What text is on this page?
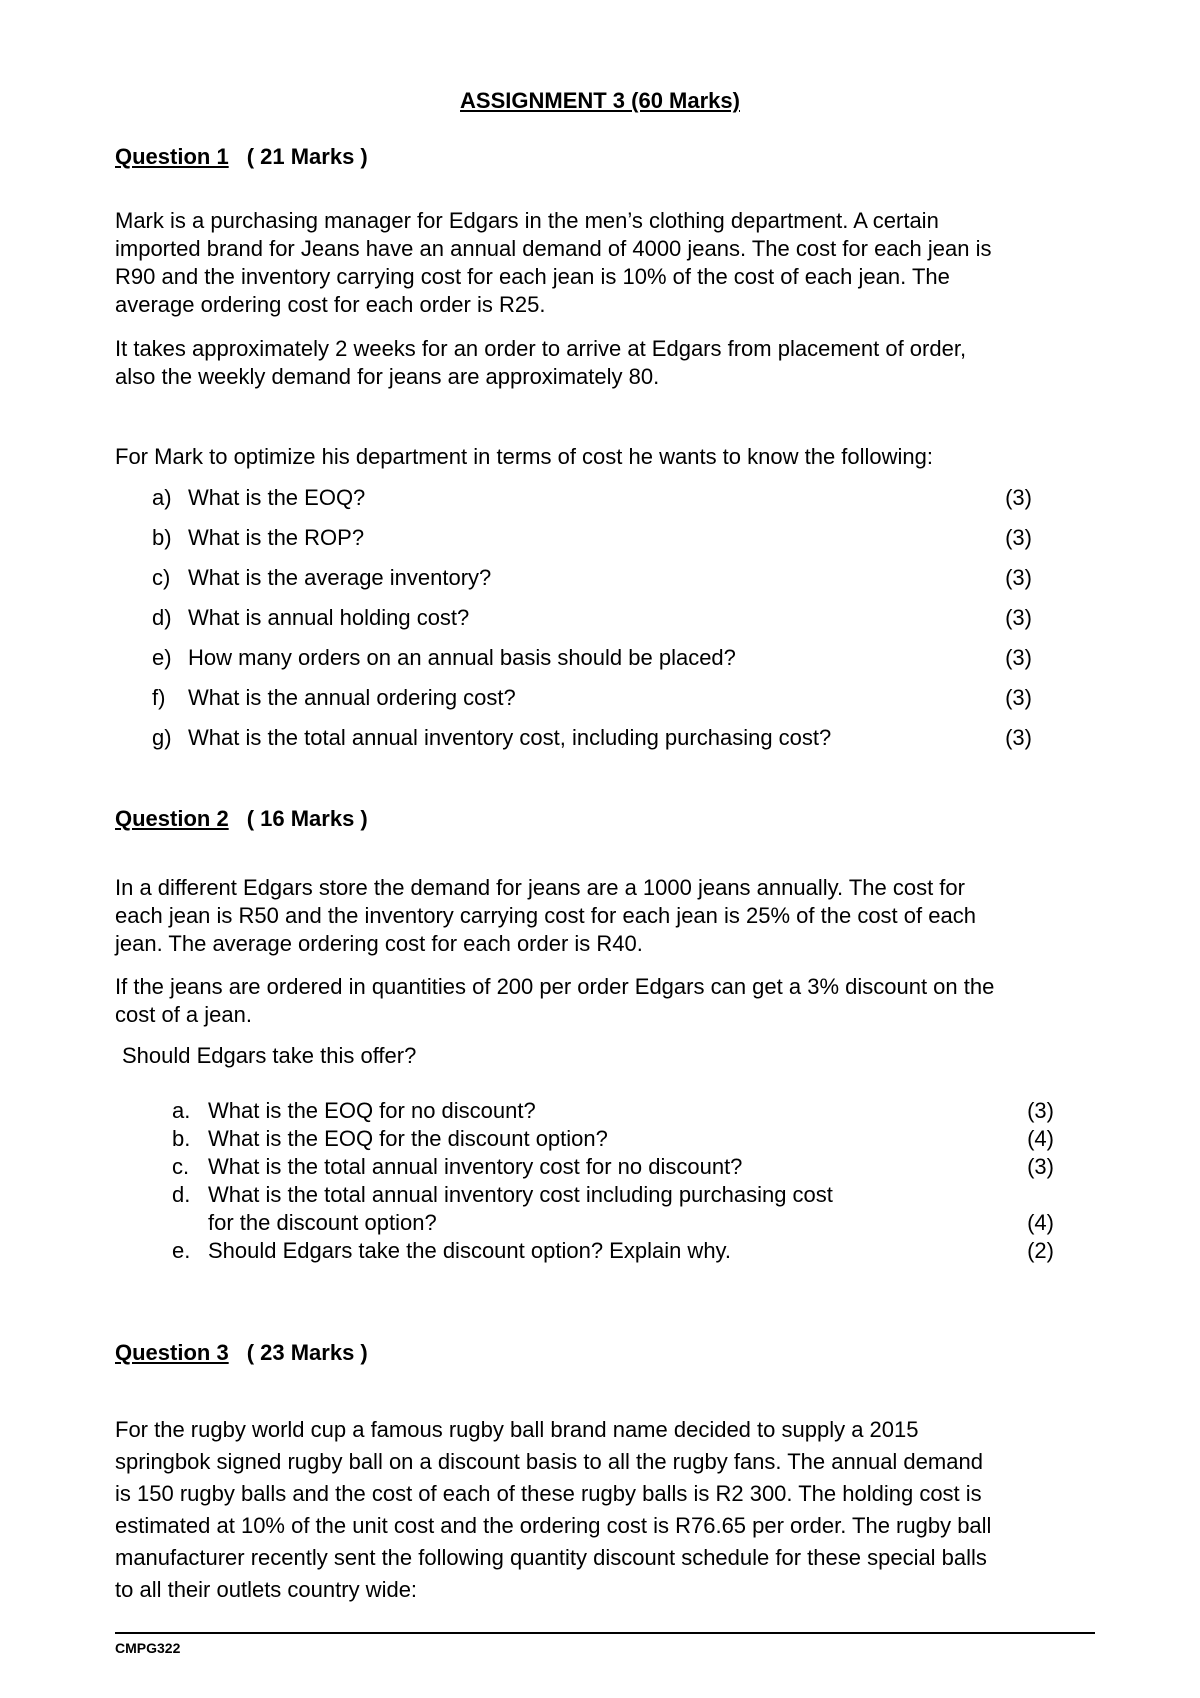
ASSIGNMENT 3 (60 Marks)
Question 1 ( 21 Marks )
Mark is a purchasing manager for Edgars in the men’s clothing department. A certain
imported brand for Jeans have an annual demand of 4000 jeans. The cost for each jean is
R90 and the inventory carrying cost for each jean is 10% of the cost of each jean. The
average ordering cost for each order is R25.
It takes approximately 2 weeks for an order to arrive at Edgars from placement of order,
also the weekly demand for jeans are approximately 80.
For Mark to optimize his department in terms of cost he wants to know the following:
a) What is the EOQ?	(3)
b) What is the ROP?	(3)
c) What is the average inventory?	(3)
d) What is annual holding cost?	(3)
e) How many orders on an annual basis should be placed?	(3)
f)	What is the annual ordering cost?	(3)
g) What is the total annual inventory cost, including purchasing cost?	(3)
Question 2 ( 16 Marks )
In a different Edgars store the demand for jeans are a 1000 jeans annually. The cost for
each jean is R50 and the inventory carrying cost for each jean is 25% of the cost of each
jean. The average ordering cost for each order is R40.
If the jeans are ordered in quantities of 200 per order Edgars can get a 3% discount on the
cost of a jean.
Should Edgars take this offer?
a. What is the EOQ for no discount?	(3)
b. What is the EOQ for the discount option?	(4)
c. What is the total annual inventory cost for no discount?	(3)
d. What is the total annual inventory cost including purchasing cost
for the discount option?	(4)
e. Should Edgars take the discount option? Explain why.	(2)
Question 3 ( 23 Marks )
For the rugby world cup a famous rugby ball brand name decided to supply a 2015
springbok signed rugby ball on a discount basis to all the rugby fans. The annual demand
is 150 rugby balls and the cost of each of these rugby balls is R2 300. The holding cost is
estimated at 10% of the unit cost and the ordering cost is R76.65 per order. The rugby ball
manufacturer recently sent the following quantity discount schedule for these special balls
to all their outlets country wide:
CMPG322
